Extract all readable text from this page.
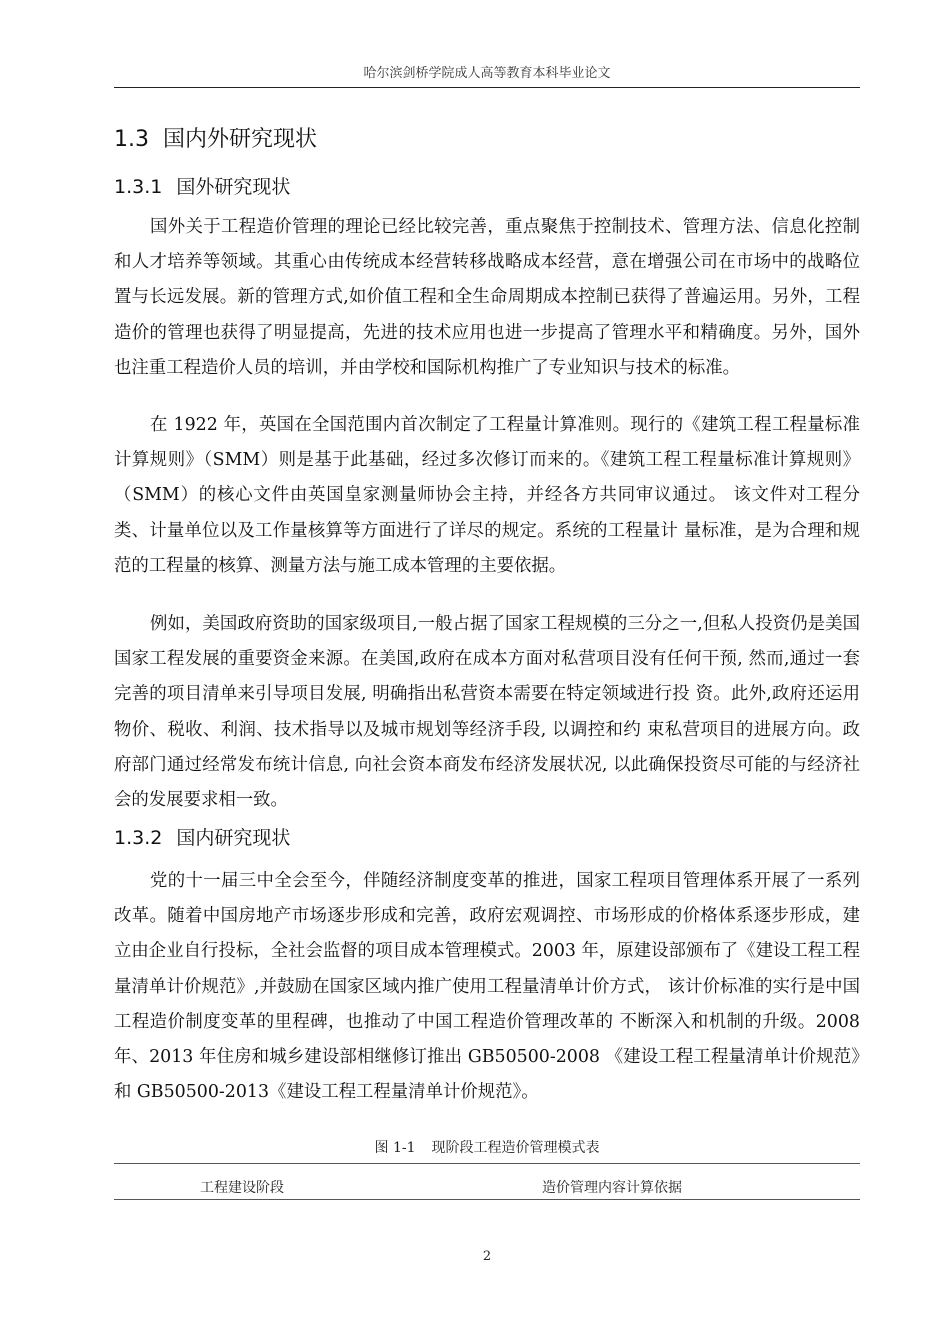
哈尔滨剑桥学院成人高等教育本科毕业论文
1.3 国内外研究现状
1.3.1 国外研究现状

国外关于工程造价管理的理论已经比较完善，重点聚焦于控制技术、管理方法、信息化控制和人才培养等领域。其重心由传统成本经营转移战略成本经营，意在增强公司在市场中的战略位置与长远发展。新的管理方式,如价值工程和全生命周期成本控制已获得了普遍运用。另外，工程造价的管理也获得了明显提高，先进的技术应用也进一步提高了管理水平和精确度。另外，国外也注重工程造价人员的培训，并由学校和国际机构推广了专业知识与技术的标准。

在 1922 年，英国在全国范围内首次制定了工程量计算准则。现行的《建筑工程工程量标准计算规则》（SMM）则是基于此基础，经过多次修订而来的。《建筑工程工程量标准计算规则》（SMM）的核心文件由英国皇家测量师协会主持，并经各方共同审议通过。 该文件对工程分类、计量单位以及工作量核算等方面进行了详尽的规定。系统的工程量计 量标准，是为合理和规范的工程量的核算、测量方法与施工成本管理的主要依据。

例如，美国政府资助的国家级项目,一般占据了国家工程规模的三分之一,但私人投资仍是美国国家工程发展的重要资金来源。在美国,政府在成本方面对私营项目没有任何干预, 然而,通过一套完善的项目清单来引导项目发展, 明确指出私营资本需要在特定领域进行投 资。此外,政府还运用物价、税收、利润、技术指导以及城市规划等经济手段, 以调控和约 束私营项目的进展方向。政府部门通过经常发布统计信息, 向社会资本商发布经济发展状况, 以此确保投资尽可能的与经济社会的发展要求相一致。

1.3.2 国内研究现状

党的十一届三中全会至今，伴随经济制度变革的推进，国家工程项目管理体系开展了一系列改革。随着中国房地产市场逐步形成和完善，政府宏观调控、市场形成的价格体系逐步形成，建立由企业自行投标，全社会监督的项目成本管理模式。2003 年，原建设部颁布了《建设工程工程量清单计价规范》,并鼓励在国家区域内推广使用工程量清单计价方式， 该计价标准的实行是中国工程造价制度变革的里程碑，也推动了中国工程造价管理改革的 不断深入和机制的升级。2008 年、2013 年住房和城乡建设部相继修订推出 GB50500-2008 《建设工程工程量清单计价规范》和 GB50500-2013《建设工程工程量清单计价规范》。

图 1-1 现阶段工程造价管理模式表
工程建设阶段	造价管理内容计算依据
2
